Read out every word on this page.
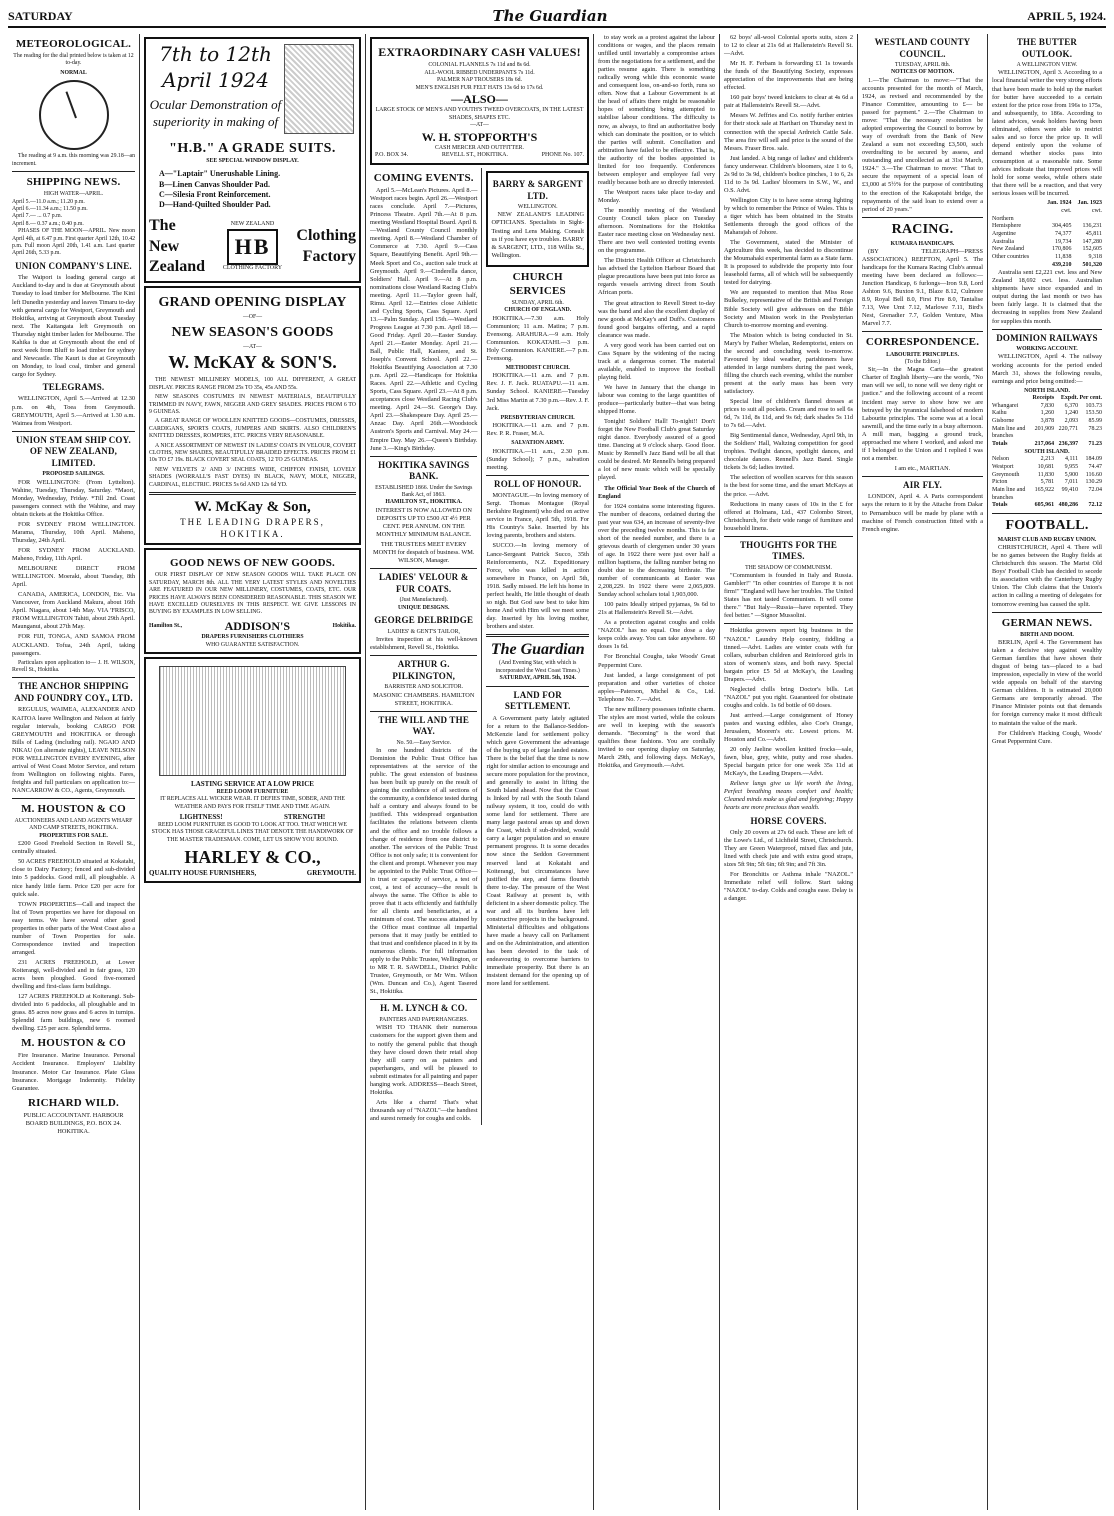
SATURDAY	The Guardian	APRIL 5, 1924.
METEOROLOGICAL.

The reading for the dial printed below is taken at 12 to-day.

NORMAL

The reading at 9 a.m. this morning was 29.18—an increment.

SHIPPING NEWS.
HIGH WATER—APRIL.
April 5.—11.0 a.m.; 11.20 p.m.
April 6.—11.34 a.m.; 11.50 p.m.
April 7.— ... 0.7 p.m.
April 8.— 0.37 a.m.; 0.40 p.m.

PHASES OF THE MOON—APRIL. New moon April 4th, at 6.47 p.m. First quarter April 12th, 10.42 p.m. Full moon April 20th, 1.41 a.m. Last quarter April 26th, 5.33 p.m.

UNION COMPANY'S LINE.

The Waipori is loading general cargo at Auckland to-day and is due at Greymouth about Tuesday to load timber for Melbourne. The Kini left Dunedin yesterday and leaves Timaru to-day with general cargo for Westport, Greymouth and Hokitika, arriving at Greymouth about Tuesday next. The Kaitangata left Greymouth on Thursday night timber laden for Melbourne. The Kahika is due at Greymouth about the end of next week from Bluff to load timber for sydney and Newcastle. The Kauri is due at Greymouth on Monday, to load coal, timber and general cargo for Sydney.

TELEGRAMS.

WELLINGTON, April 5.—Arrived at 12.30 p.m. on 4th, Toea from Greymouth. GREYMOUTH, April 5.—Arrived at 1.30 a.m. Waimea from Westport.

UNION STEAM SHIP COY. OF NEW ZEALAND, LIMITED.
PROPOSED SAILINGS.

FOR WELLINGTON: (From Lyttelton). Wahine, Tuesday, Thursday, Saturday. *Maori, Monday, Wednesday, Friday. *Till 2nd. Coast passengers connect with the Wahine, and may obtain tickets at the Hokitika Office.

FOR SYDNEY FROM WELLINGTON. Marama, Thursday, 10th April. Maheno, Thursday, 24th April.

FOR SYDNEY FROM AUCKLAND. Maheno, Friday, 11th April.

MELBOURNE DIRECT FROM WELLINGTON. Moeraki, about Tuesday, 8th April.

CANADA, AMERICA, LONDON, Etc. Via Vancouver, from Auckland Makura, about 16th April. Niagara, about 14th May. VIA 'FRISCO, FROM WELLINGTON Tahiti, about 29th April. Maunganui, about 27th May.

FOR FIJI, TONGA, AND SAMOA FROM AUCKLAND. Tofua, 24th April, taking passengers.

Particulars upon application to— J. H. WILSON, Revell St., Hokitika.

THE ANCHOR SHIPPING AND FOUNDRY COY., LTD.

REGULUS, WAIMEA, ALEXANDER AND KAITOA leave Wellington and Nelson at fairly regular intervals, booking CARGO FOR GREYMOUTH and HOKITIKA or through Bills of Lading (including rail). NGAIO AND NIKAU (on alternate nights), LEAVE NELSON FOR WELLINGTON EVERY EVENING, after arrival of West Coast Motor Service, and return from Wellington on following nights. Fares, freights and full particulars on application to:— NANCARROW & CO., Agents, Greymouth.

M. HOUSTON & CO
AUCTIONEERS AND LAND AGENTS WHARF AND CAMP STREETS, HOKITIKA.
PROPERTIES FOR SALE.

£200 Good Freehold Section in Revell St., centrally situated.

50 ACRES FREEHOLD situated at Kokatahi, close to Dairy Factory; fenced and sub-divided into 5 paddocks. Good mill, all ploughable. A nice handy little farm. Price £20 per acre for quick sale.

TOWN PROPERTIES—Call and inspect the list of Town properties we have for disposal on easy terms. We have several other good properties in other parts of the West Coast also a number of Town Properties for sale. Correspondence invited and inspection arranged.

231 ACRES FREEHOLD, at Lower Koiterangi, well-divided and in fair grass, 120 acres been ploughed. Good five-roomed dwelling and first-class farm buildings.

127 ACRES FREEHOLD at Koiterangi. Sub-divided into 6 paddocks, all ploughable and in grass. 85 acres now grass and 6 acres in turnips. Splendid farm buildings, new 6 roomed dwelling. £25 per acre. Splendid terms.

M. HOUSTON & CO

Fire Insurance. Marine Insurance. Personal Accident Insurance. Employers' Liability Insurance. Motor Car Insurance. Plate Glass Insurance. Mortgage Indemnity. Fidelity Guarantee.

RICHARD WILD.

PUBLIC ACCOUNTANT. HARBOUR BOARD BUILDINGS, P.O. BOX 24. HOKITIKA.

7th to 12th
April 1924
Ocular Demonstration of superiority in making of
"H.B." A GRADE SUITS.
SEE SPECIAL WINDOW DISPLAY.
A—"Laptair" Unerushable Lining.
B—Linen Canvas Shoulder Pad.
C—Silesia Front Reinforcement.
D—Hand-Quilted Shoulder Pad.
The New Zealand
NEW ZEALAND
HB
CLOTHING FACTORY
Clothing Factory
GRAND OPENING DISPLAY
—OF—
NEW SEASON'S GOODS
—AT—
W. McKAY & SON'S.

THE NEWEST MILLINERY MODELS, 100 ALL DIFFERENT, A GREAT DISPLAY. PRICES RANGE FROM 25s TO 35s, 45s AND 55s.

NEW SEASONS COSTUMES IN NEWEST MATERIALS, BEAUTIFULLY TRIMMED IN NAVY, FAWN, NIGGER AND GREY SHADES. PRICES FROM 6 TO 9 GUINEAS.

A GREAT RANGE OF WOOLLEN KNITTED GOODS—COSTUMES, DRESSES, CARDIGANS, SPORTS COATS, JUMPERS AND SKIRTS. ALSO CHILDREN'S KNITTED DRESSES, ROMPERS, ETC. PRICES VERY REASONABLE.

A NICE ASSORTMENT OF NEWEST IN LADIES' COATS IN VELOUR, COVERT CLOTHS, NEW SHADES, BEAUTIFULLY BRAIDED EFFECTS. PRICES FROM £1 10s TO £7 19s. BLACK COVERT SEAL COATS, 12 TO 25 GUINEAS.

NEW VELVETS 2/ AND 3/ INCHES WIDE, CHIFFON FINISH, LOVELY SHADES (WORRALL'S FAST DYES) IN BLACK, NAVY, MOLE, NIGGER, CARDINAL, ELECTRIC. PRICES 5s 6d AND 12s 6d YD.

W. McKay & Son,
THE LEADING DRAPERS,
HOKITIKA.
GOOD NEWS OF NEW GOODS.

OUR FIRST DISPLAY OF NEW SEASON GOODS WILL TAKE PLACE ON SATURDAY, MARCH 8th. ALL THE VERY LATEST STYLES AND NOVELTIES ARE FEATURED IN OUR NEW MILLINERY, COSTUMES, COATS, ETC. OUR PRICES HAVE ALWAYS BEEN CONSIDERED REASONABLE. THIS SEASON WE HAVE EXCELLED OURSELVES IN THIS RESPECT. WE GIVE LESSONS IN BUYING BY EXAMPLES IN LOW SELLING.

Hamilton St.,	ADDISON'S	Hokitika.
DRAPERS FURNISHERS CLOTHIERS
WHO GUARANTEE SATISFACTION.
LASTING SERVICE AT A LOW PRICE
REED LOOM FURNITURE

IT REPLACES ALL WICKER WEAR. IT DEFIES TIME, SOBER, AND THE WEATHER AND PAYS FOR ITSELF TIME AND TIME AGAIN.

LIGHTNESS!	STRENGTH!

REED LOOM FURNITURE IS GOOD TO LOOK AT TOO. THAT WHICH WE STOCK HAS THOSE GRACEFUL LINES THAT DENOTE THE HANDIWORK OF THE MASTER TRADESMAN. COME, LET US SHOW YOU ROUND.

HARLEY & CO.,
QUALITY HOUSE FURNISHERS,	GREYMOUTH.
EXTRAORDINARY CASH VALUES!
COLONIAL FLANNELS 7s 11d and 8s 6d.
ALL-WOOL RIBBED UNDERPANTS 7s 11d.
PALMER NAP TROUSERS 18s 6d.
MEN'S ENGLISH FUR FELT HATS 13s 6d to 17s 6d.
—ALSO—
LARGE STOCK OF MEN'S AND YOUTH'S TWEED OVERCOATS, IN THE LATEST SHADES, SHAPES ETC.
—AT—
W. H. STOPFORTH'S
CASH MERCER AND OUTFITTER.
P.O. BOX 34.	REVELL ST., HOKITIKA.	PHONE No. 107.
COMING EVENTS.

April 5.—McLean's Pictures. April 8.—Westport races begin. April 26.—Westport races conclude. April 7.—Pictures, Princess Theatre. April 7th.—At 8 p.m. meeting Westland Hospital Board. April 8.—Westland County Council monthly meeting. April 8.—Westland Chamber of Commerce at 7.30. April 9.—Cass Square, Beautifying Benefit. April 9th.—Meek Sport and Co., auction sale truck at Greymouth. April 9.—Cinderella dance, Soldiers' Hall. April 9.—At 8 p.m. nominations close Westland Racing Club's meeting. April 11.—Taylor green half, Rimu. April 12.—Entries close Athletic and Cycling Sports, Cass Square. April 13.—Palm Sunday. April 15th.—Westland Progress League at 7.30 p.m. April 18.—Good Friday. April 20.—Easter Sunday. April 21.—Easter Monday. April 21.—Ball, Public Hall, Kaniere, and St. Joseph's Convent School. April 22.—Hokitika Beautifying Association at 7.30 p.m. April 22.—Handicaps for Hokitika Races. April 22.—Athletic and Cycling Sports, Cass Square. April 23.—At 8 p.m. acceptances close Westland Racing Club's meeting. April 24.—St. George's Day. April 23.—Shakespeare Day. April 25.—Anzac Day. April 26th.—Woodstock Austron's Sports and Carnival. May 24.—Empire Day. May 26.—Queen's Birthday. June 3.—King's Birthday.

HOKITIKA SAVINGS BANK.
ESTABLISHED 1866. Under the Savings Bank Act, of 1863.
HAMILTON ST., HOKITIKA.

INTEREST IS NOW ALLOWED ON DEPOSITS UP TO £500 AT 4½ PER CENT. PER ANNUM. ON THE MONTHLY MINIMUM BALANCE.

THE TRUSTEES MEET EVERY MONTH for despatch of business. WM. WILSON, Manager.

LADIES' VELOUR & FUR COATS.
(Just Manufactured).
UNIQUE DESIGNS.
GEORGE DELBRIDGE
LADIES' & GENT'S TAILOR,

Invites inspection at his well-known establishment, Revell St., Hokitika.

ARTHUR G. PILKINGTON,
BARRISTER AND SOLICITOR.

MASONIC CHAMBERS. HAMILTON STREET, HOKITIKA.

THE WILL AND THE WAY.
No. 50.—Easy Service.

In one hundred districts of the Dominion the Public Trust Office has representatives at the service of the public. The great extension of business has been built up purely on the result of gaining the confidence of all sections of the community, a confidence tested during half a century and always found to be justified. This widespread organisation facilitates the relations between clients and the office and no trouble follows a change of residence from one district to another. The services of the Public Trust Office is not only safe; it is convenient for the client and prompt. Whenever you may be appointed to the Public Trust Office—in trust or capacity of service, a test of cost, a test of accuracy—the result is always the same. The Office is able to prove that it acts efficiently and faithfully for all clients and beneficiaries, at a minimum of cost. The success attained by the Office must continue all impartial persons that it may justly be entitled to that trust and confidence placed in it by its numerous clients. For full information apply to the Public Trustee, Wellington, or to MR T. R. SAWDELL, District Public Trustee, Greymouth, or Mr Wm. Wilson (Wm. Duncan and Co.), Agent Tasered St., Hokitika.

H. M. LYNCH & CO.
PAINTERS AND PAPERHANGERS.

WISH TO THANK their numerous customers for the support given them and to notify the general public that though they have closed down their retail shop they still carry on as painters and paperhangers, and will be pleased to submit estimates for all painting and paper hanging work. ADDRESS—Beach Street, Hokitika.

Arts like a charm! That's what thousands say of "NAZOL"—the handiest and surest remedy for coughs and colds.

BARRY & SARGENT LTD.
WELLINGTON.

NEW ZEALAND'S LEADING OPTICIANS. Specialists in Sight-Testing and Lens Making. Consult us if you have eye troubles. BARRY & SARGENT, LTD., 118 Willis St., Wellington.

CHURCH SERVICES
SUNDAY, APRIL 6th.
CHURCH OF ENGLAND.

HOKITIKA.—7.30 a.m. Holy Communion; 11 a.m. Matins; 7 p.m. Evensong. ARAHURA.—9 a.m. Holy Communion. KOKATAHI.—3 p.m. Holy Communion. KANIERE.—7 p.m. Evensong.

METHODIST CHURCH.

HOKITIKA.—11 a.m. and 7 p.m. Rev. J. F. Jack. RUATAPU.—11 a.m. Sunday School. KANIERE—Tuesday 3rd Miss Martin at 7.30 p.m.—Rev. J. F. Jack.

PRESBYTERIAN CHURCH.

HOKITIKA.—11 a.m. and 7 p.m. Rev. P. R. Fraser, M.A.

SALVATION ARMY.

HOKITIKA.—11 a.m., 2.30 p.m. (Sunday School); 7 p.m., salvation meeting.

ROLL OF HONOUR.

MONTAGUE.—In loving memory of Sergt. Thomas Montague (Royal Berkshire Regiment) who died on active service in France, April 5th, 1918. For His Country's Sake. Inserted by his loving parents, brothers and sisters.

SUCCO.—In loving memory of Lance-Sergeant Patrick Succo, 35th Reinforcements, N.Z. Expeditionary Force, who was killed in action somewhere in France, on April 5th, 1918. Sadly missed. He left his home in perfect health, He little thought of death so nigh. But God saw best to take him home And with Him will we meet some day. Inserted by his loving mother, brothers and sister.

The Guardian
(And Evening Star, with which is incorporated the West Coast Times.)
SATURDAY, APRIL 5th, 1924.
LAND FOR SETTLEMENT.

A Government party lately agitated for a return to the Ballance-Seddon-McKenzie land for settlement policy which gave Government the advantage of the buying up of large landed estates. There is the belief that the time is now right for similar action to encourage and secure more population for the province, and generally to assist in lifting the South Island ahead. Now that the Coast is linked by rail with the South Island railway system, it too, could do with some land for settlement. There are many large pastoral areas up and down the Coast, which if sub-divided, would carry a larger population and so ensure permanent progress. It is some decades now since the Seddon Government reserved land at Kokatahi and Koiterangi, but circumstances have justified the step, and farms flourish there to-day. The pressure of the West Coast Railway at present is, with deficient in a sheer domestic policy. The war and all its burdens have left constructive projects in the background. Ministerial difficulties and obligations have made a heavy call on Parliament and on the Administration, and attention has been devoted to the task of endeavouring to overcome barriers to immediate prosperity. But there is an insistent demand for the opening up of more land for settlement.

to stay work as a protest against the labour conditions or wages, and the places remain unfilled until invariably a compromise arises from the negotiations for a settlement, and the parties resume again. There is something radically wrong while this economic waste and consequent loss, on-and-so forth, runs so often. Now that a Labour Government is at the head of affairs there might be reasonable hopes of something being attempted to stabilise labour conditions. The difficulty is now, as always, to find an authoritative body which can dominate the position, or to which the parties will submit. Conciliation and arbitration have failed to be effective. That is, the authority of the bodies appointed is limited for too frequently. Conferences between employer and employee fail very readily because both are so directly interested.

The Westport races take place to-day and Monday.

The monthly meeting of the Westland County Council takes place on Tuesday afternoon. Nominations for the Hokitika Easter race meeting close on Wednesday next. There are two well contested trotting events on the programme.

The District Health Officer at Christchurch has advised the Lyttelton Harbour Board that plague precautions have been put into force as regards vessels arriving direct from South African ports.

The great attraction to Revell Street to-day was the band and also the excellent display of new goods at McKay's and Duff's. Customers found good bargains offering, and a rapid clearance was made.

A very good work has been carried out on Cass Square by the widening of the racing track at a dangerous corner. The material available, enabled to improve the football playing field.

We have in January that the change in labour was coming to the large quantities of produce—particularly butter—that was being shipped Home.

Tonight! Soldiers' Hall! To-night!! Don't forget the New Football Club's great Saturday night dance. Everybody assured of a good time. Dancing at 9 o'clock sharp. Good floor. Music by Rennell's Jazz Band will be all that could be desired. Mr Rennell's being prepared a lot of new music which will be specially played.

The Official Year Book of the Church of England

for 1924 contains some interesting figures. The number of deacons, ordained during the past year was 634, an increase of seventy-five over the preceding twelve months. This is far short of the needed number, and there is a grievous dearth of clergymen under 30 years of age. In 1922 there were just over half a million baptisms, the falling number being no doubt due to the decreasing birthrate. The number of communicants at Easter was 2,208,229. In 1922 there were 2,065,809. Sunday school scholars total 1,903,000.

100 pairs Ideally striped pyjamas, 9s 6d to 21s at Hallenstein's Revell St.—Advt.

As a protection against coughs and colds "NAZOL" has no equal. One dose a day keeps colds away. You can take anywhere. 60 doses 1s 6d.

For Bronchial Coughs, take Woods' Great Peppermint Cure.

Just landed, a large consignment of pot preparation and other varieties of choice apples—Paterson, Michel & Co., Ltd. Telephone No. 7.—Advt.

The new millinery possesses infinite charm. The styles are most varied, while the colours are well in keeping with the season's demands. "Becoming" is the word that qualifies these fashions. You are cordially invited to our opening display on Saturday, March 29th, and following days. McKay's, Hokitika, and Greymouth.—Advt.

62 boys' all-wool Colonial sports suits, sizes 2 to 12 to clear at 21s 6d at Hallenstein's Revell St.—Advt.

Mr H. F. Ferbam is forwarding £1 1s towards the funds of the Beautifying Society, expresses appreciation of the improvements that are being effected.

160 pair boys' tweed knickers to clear at 4s 6d a pair at Hallenstein's Revell St.—Advt.

Messrs W. Jeffries and Co. notify further entries for their stock sale at Harihari on Thursday next in connection with the special Ardreich Cattle Sale. The area fire will sell and price is the sound of the Messrs. Fraser Bros. sale.

Just landed. A big range of ladies' and children's fancy underwear. Children's bloomers, size 1 to 6, 2s 9d to 3s 9d, children's bodice pinches, 1 to 6, 2s 11d to 3s 9d. Ladies' bloomers in S.W., W., and O.S. Advt.

Wellington City is to have some strong lighting by which to remember the Prince of Wales. This is a tiger which has been obtained in the Straits Settlements through the good offices of the Maharajah of Johore.

The Government, stated the Minister of Agriculture this week, has decided to discontinue the Moumahaki experimental farm as a State farm. It is proposed to subdivide the property into four leasehold farms, all of which will be subsequently tested for dairying.

We are requested to mention that Miss Rose Bulkeley, representative of the British and Foreign Bible Society will give addresses on the Bible Society and Mission work in the Presbyterian Church to-morrow morning and evening.

The Mission which is being conducted in St. Mary's by Father Whelan, Redemptorist, enters on the second and concluding week to-morrow. Favoured by ideal weather, parishioners have attended in large numbers during the past week, filling the church each evening, whilst the number present at the early mass has been very satisfactory.

Special line of children's flannel dresses at prices to suit all pockets. Cream and rose to sell 6s 6d, 7s 11d, 8s 11d, and 9s 6d; dark shades 5s 11d to 7s 6d.—Advt.

Big Sentimental dance, Wednesday, April 9th, in the Soldiers' Hall, Waltzing competition for good trophies. Twilight dances, spotlight dances, and chocolate dances. Rennell's Jazz Band. Single tickets 3s 6d; ladies invited.

The selection of woollen scarves for this season is the best for some time, and the smart McKays at the price. —Advt.

Reductions in many cases of 10s in the £ for offered at Holmans, Ltd., 437 Colombo Street, Christchurch, for their wide range of furniture and household linens.

THOUGHTS FOR THE TIMES.
THE SHADOW OF COMMUNISM.

"Communism is founded in Italy and Russia. Gambler!" "In other countries of Europe it is not firm!" "England will have her troubles. The United States has not tasted Communism. It will come there." "But Italy—Russia—have repented. They feel better." —Signor Mussolini.

Hokitika growers report big business in the "NAZOL" Laundry Help country, fiddling a tinned.—Advt. Ladies are winter coats with fur collars, suburban children and Reinforced girls in sizes of women's sizes, and both navy. Special bargain price £5 5d at McKay's, the Leading Drapers.—Advt.

Neglected chills bring Doctor's bills. Let "NAZOL" put you right. Guaranteed for obstinate coughs and colds. 1s 6d bottle of 60 doses.

Just arrived.—Large consignment of Honey pastes and waxing edibles, also Coe's Orange, Jerusalem, Mooren's etc. Lowest prices. M. Houston and Co.—Advt.

20 only Jaeline woollen knitted frocks—sale, fawn, blue, grey, white, putty and rose shades. Special bargain price for one week 35s 11d at McKay's, the Leading Drapers.—Advt.

Relieve lungs give us life worth the living, Perfect breathing means comfort and health; Cleaned minds make us glad and forgiving; Happy hearts are more precious than wealth.

HORSE COVERS.

Only 20 covers at 27s 6d each. These are left of the Lowe's Ltd., of Lichfield Street, Christchurch. They are Green Waterproof, mixed flax and jute, lined with check jute and with extra good straps, sizes 5ft 9in; 5ft 6in; 6ft 9in; and 7ft 3in.

For Bronchitis or Asthma inhale "NAZOL." Immediate relief will follow. Start taking "NAZOL" to-day. Colds and coughs ease. Delay is a danger.

WESTLAND COUNTY COUNCIL.
TUESDAY, APRIL 8th.
NOTICES OF MOTION.

1.—The Chairman to move:—"That the accounts presented for the month of March, 1924, as revised and recommended by the Finance Committee, amounting to £— be passed for payment." 2.—The Chairman to move: "That the necessary resolution be adopted empowering the Council to borrow by way of overdraft from the Bank of New Zealand a sum not exceeding £3,500, such overdrafting to be secured by assess, and outstanding and uncollected as at 31st March, 1924." 3.—The Chairman to move: "That to secure the repayment of a special loan of £3,000 at 5½% for the purpose of contributing to the erection of the Kakapotahi bridge, the repayments of the said loan to extend over a period of 20 years."

RACING.
KUMARA HANDICAPS.

(BY TELEGRAPH—PRESS ASSOCIATION.) REEFTON, April 5. The handicaps for the Kumara Racing Club's annual meeting have been declared as follows:—Junction Handicap, 6 furlongs—Iron 9.8, Lord Ashton 9.6, Buxton 9.1, Blaze 8.12, Culmore 8.9, Royal Bell 8.0, First Fire 8.0, Tantalise 7.13, Wee Umt 7.12, Marlowe 7.11, Bird's Nest, Grenadier 7.7, Golden Venture, Miss Marvel 7.7.

CORRESPONDENCE.
LABOURITE PRINCIPLES.
(To the Editor.)

Sir,—In the Magna Carta—the greatest Charter of English liberty—are the words, "No man will we sell, to none will we deny right or justice." and the following account of a recent incident may serve to show how we are betrayed by the tyrannical falsehood of modern Labourite principles. The scene was at a local sawmill, and the time early in a busy afternoon. A mill man, bagging a ground truck, approached me where I worked, and asked me if I belonged to the Union and I replied I was not a member.

I am etc., MARTIAN.

AIR FLY.

LONDON, April 4. A Paris correspondent says the return to it by the Attache from Dakar to Pernambuco will be made by plane with a machine of French construction fitted with a French engine.

THE BUTTER OUTLOOK.
A WELLINGTON VIEW.

WELLINGTON, April 3. According to a local financial writer the very strong efforts that have been made to hold up the market for butter have succeeded to a certain extent for the price rose from 196s to 175s, and subsequently, to 186s. According to latest advices, weak holders having been eliminated, others were able to restrict sales and so force the price up. It will depend entirely upon the volume of demand whether stocks pass into consumption at a reasonable rate. Some advices indicate that improved prices will hold for some weeks, while others state that there will be a reaction, and that very serious losses will be incurred.

Jan. 1924	Jan. 1923
cwt.	cwt.
Northern
Hemisphere	304,405	136,231
Argentine	74,377	45,811
Australia	19,734	147,280
New Zealand	170,806	152,605
Other countries	11,838	9,318
439,210	501,320

Australia sent £2,221 cwt. less and New Zealand 18,692 cwt. less. Australian shipments have since expanded and in output during the last month or two has been fairly large. It is claimed that the decreasing in supplies from New Zealand for supplies this month.

DOMINION RAILWAYS
WORKING ACCOUNT.

WELLINGTON, April 4. The railway working accounts for the period ended March 31, shows the following results, earnings and price being omitted:—

NORTH ISLAND.
Receipts	Expdt. Per cent.
Whangarei	7,830	6,370	103.73
Kaihu	1,260	1,240	153.50
Gisborne	3,878	2,093	85.99
Main line and branches
201,909 220,771	78.23
Totals	217,064 236,397	71.23
SOUTH ISLAND.
Nelson	2,213	4,111	184.09
Westport	10,681	9,955	74.47
Greymouth	11,830	5,900	116.60
Picton	5,781	7,011	130.29
Main line and branches
165,922	99,410	72.04
Totals	605,961 480,286	72.12
FOOTBALL.
MARIST CLUB AND RUGBY UNION.

CHRISTCHURCH, April 4. There will be no games between the Rugby fields at Christchurch this season. The Marist Old Boys' Football Club has decided to secede its association with the Canterbury Rugby Union. The Club claims that the Union's action in calling a meeting of delegates for tomorrow evening has caused the split.

GERMAN NEWS.
BIRTH AND DOOM.

BERLIN, April 4. The Government has taken a decisive step against wealthy German families that have shown their disgust of being tax—placed to a bad impression, especially in view of the world wide appeals on behalf of the starving German children. It is estimated 20,000 Germans are temporarily abroad. The Finance Minister points out that demands for foreign currency make it most difficult to maintain the value of the mark.

For Children's Hacking Cough, Woods' Great Peppermint Cure.
